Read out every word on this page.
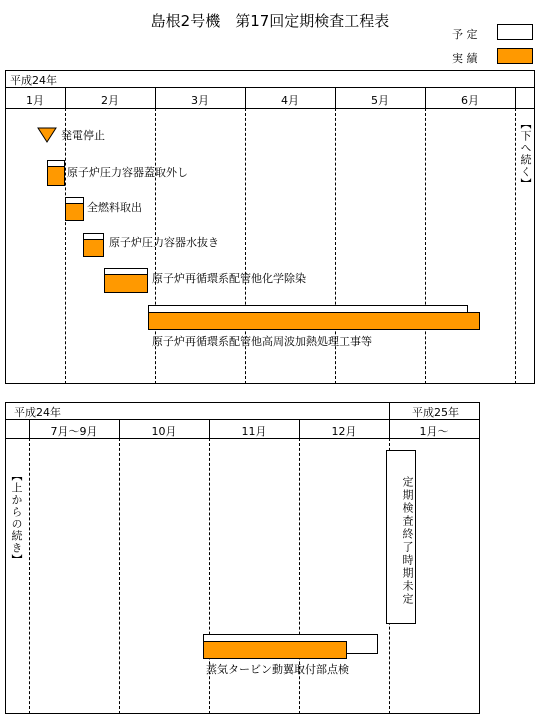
島根2号機　第17回定期検査工程表
予 定
実 績
平成24年
1月	2月	3月	4月	5月	6月
【下へ続く】
発電停止
原子炉圧力容器蓋取外し
全燃料取出
原子炉圧力容器水抜き
原子炉再循環系配管他化学除染
原子炉再循環系配管他高周波加熱処理工事等
平成24年	平成25年
7月～9月	10月	11月	12月	1月～
【上からの続き】	定期検査終了時期未定
蒸気タービン動翼取付部点検
